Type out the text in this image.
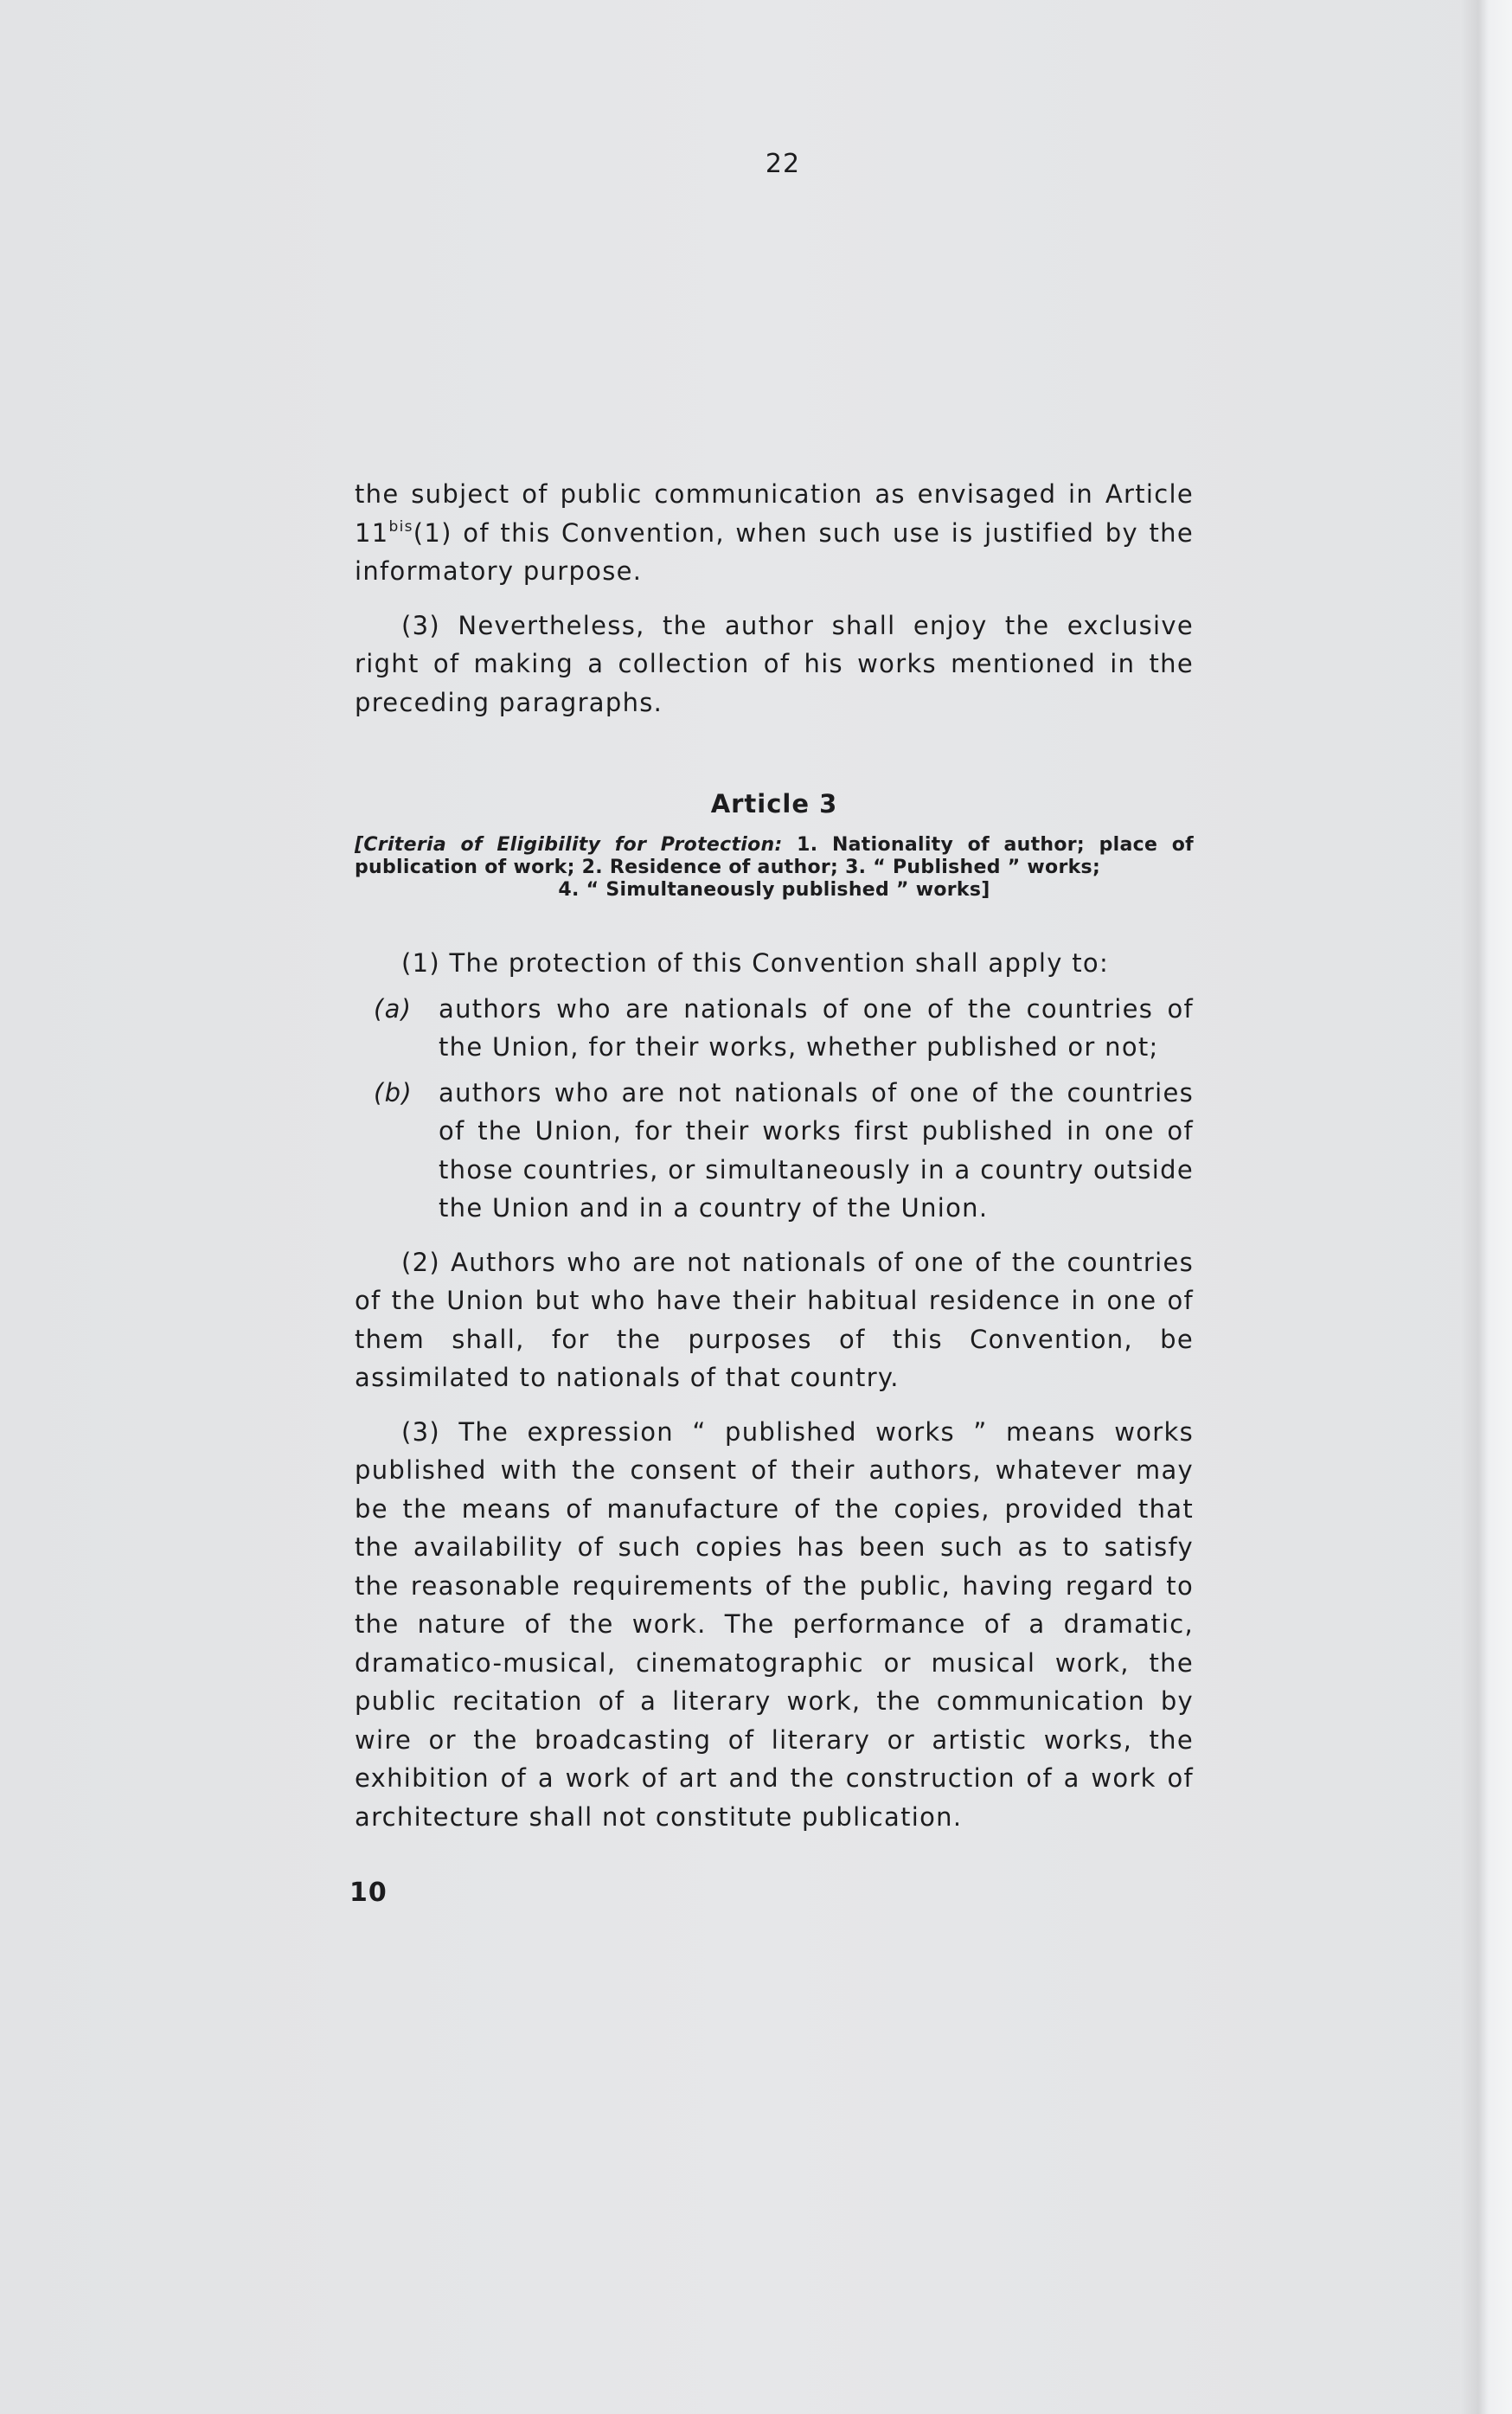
22

the subject of public communication as envisaged in Article $11^{bis}(1)$ of this Convention, when such use is justified by the informatory purpose.

(3) Nevertheless, the author shall enjoy the exclusive right of making a collection of his works mentioned in the preceding paragraphs.

Article 3
[Criteria of Eligibility for Protection: 1. Nationality of author; place of publication of work; 2. Residence of author; 3. “ Published ” works;
4. “ Simultaneously published ” works]

(1) The protection of this Convention shall apply to:

(a) authors who are nationals of one of the countries of the Union, for their works, whether published or not;

(b) authors who are not nationals of one of the countries of the Union, for their works first published in one of those countries, or simultaneously in a country outside the Union and in a country of the Union.

(2) Authors who are not nationals of one of the countries of the Union but who have their habitual residence in one of them shall, for the purposes of this Convention, be assimilated to nationals of that country.

(3) The expression “ published works ” means works published with the consent of their authors, whatever may be the means of manufacture of the copies, provided that the availability of such copies has been such as to satisfy the reasonable requirements of the public, having regard to the nature of the work. The performance of a dramatic, dramatico-musical, cinematographic or musical work, the public recitation of a literary work, the communication by wire or the broadcasting of literary or artistic works, the exhibition of a work of art and the construction of a work of architecture shall not constitute publication.

10
